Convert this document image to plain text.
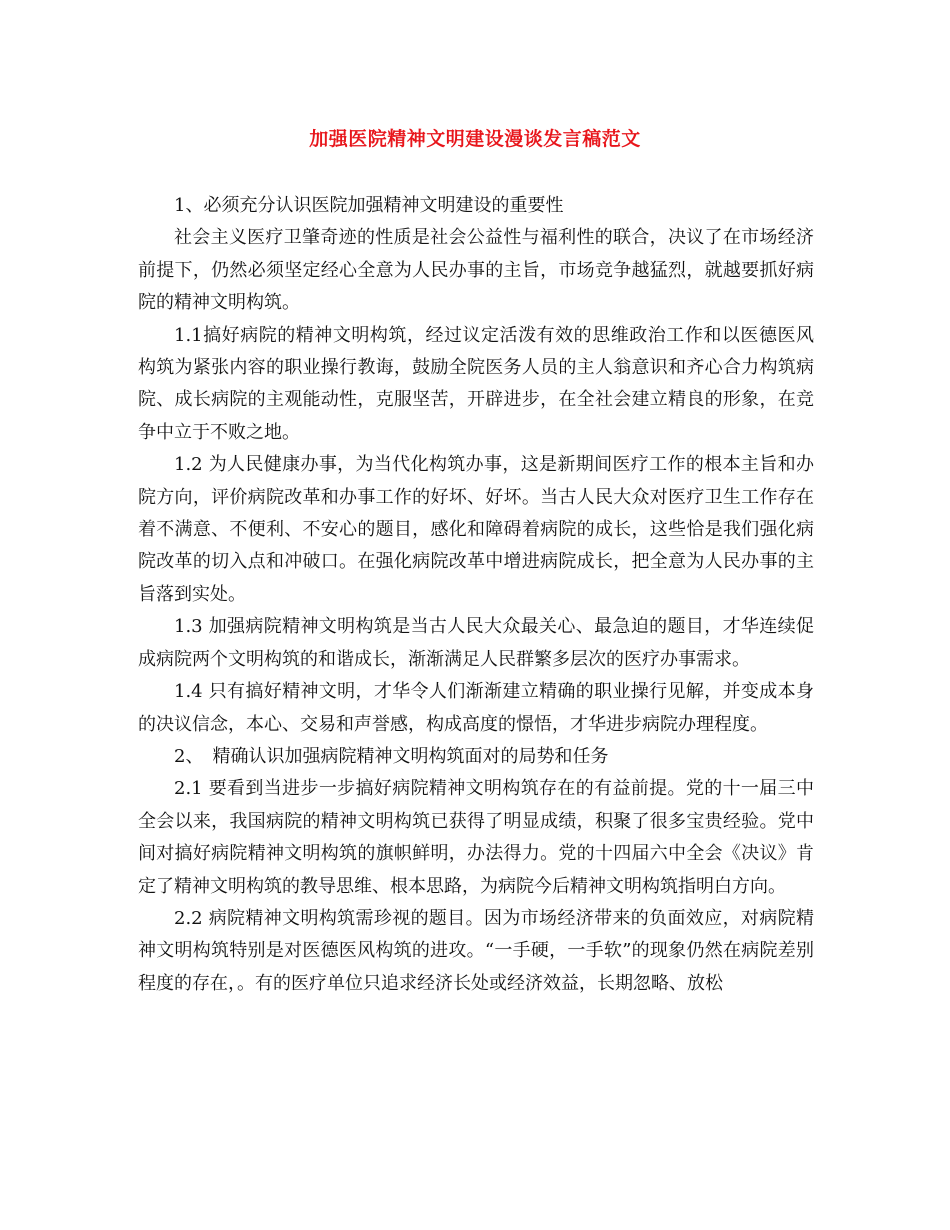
加强医院精神文明建设漫谈发言稿范文

1、必须充分认识医院加强精神文明建设的重要性

社会主义医疗卫肇奇迹的性质是社会公益性与福利性的联合，决议了在市场经济前提下，仍然必须坚定经心全意为人民办事的主旨，市场竞争越猛烈，就越要抓好病院的精神文明构筑。

1.1搞好病院的精神文明构筑，经过议定活泼有效的思维政治工作和以医德医风构筑为紧张内容的职业操行教诲，鼓励全院医务人员的主人翁意识和齐心合力构筑病院、成长病院的主观能动性，克服坚苦，开辟进步，在全社会建立精良的形象，在竞争中立于不败之地。

1.2 为人民健康办事，为当代化构筑办事，这是新期间医疗工作的根本主旨和办院方向，评价病院改革和办事工作的好坏、好坏。当古人民大众对医疗卫生工作存在着不满意、不便利、不安心的题目，感化和障碍着病院的成长，这些恰是我们强化病院改革的切入点和冲破口。在强化病院改革中增进病院成长，把全意为人民办事的主旨落到实处。

1.3 加强病院精神文明构筑是当古人民大众最关心、最急迫的题目，才华连续促成病院两个文明构筑的和谐成长，渐渐满足人民群繁多层次的医疗办事需求。

1.4 只有搞好精神文明，才华令人们渐渐建立精确的职业操行见解，并变成本身的决议信念，本心、交易和声誉感，构成高度的憬悟，才华进步病院办理程度。

2、　精确认识加强病院精神文明构筑面对的局势和任务

2.1 要看到当进步一步搞好病院精神文明构筑存在的有益前提。党的十一届三中全会以来，我国病院的精神文明构筑已获得了明显成绩，积聚了很多宝贵经验。党中间对搞好病院精神文明构筑的旗帜鲜明，办法得力。党的十四届六中全会《决议》肯定了精神文明构筑的教导思维、根本思路，为病院今后精神文明构筑指明白方向。

2.2 病院精神文明构筑需珍视的题目。因为市场经济带来的负面效应，对病院精神文明构筑特别是对医德医风构筑的进攻。“一手硬，一手软”的现象仍然在病院差别程度的存在，。有的医疗单位只追求经济长处或经济效益，长期忽略、放松
